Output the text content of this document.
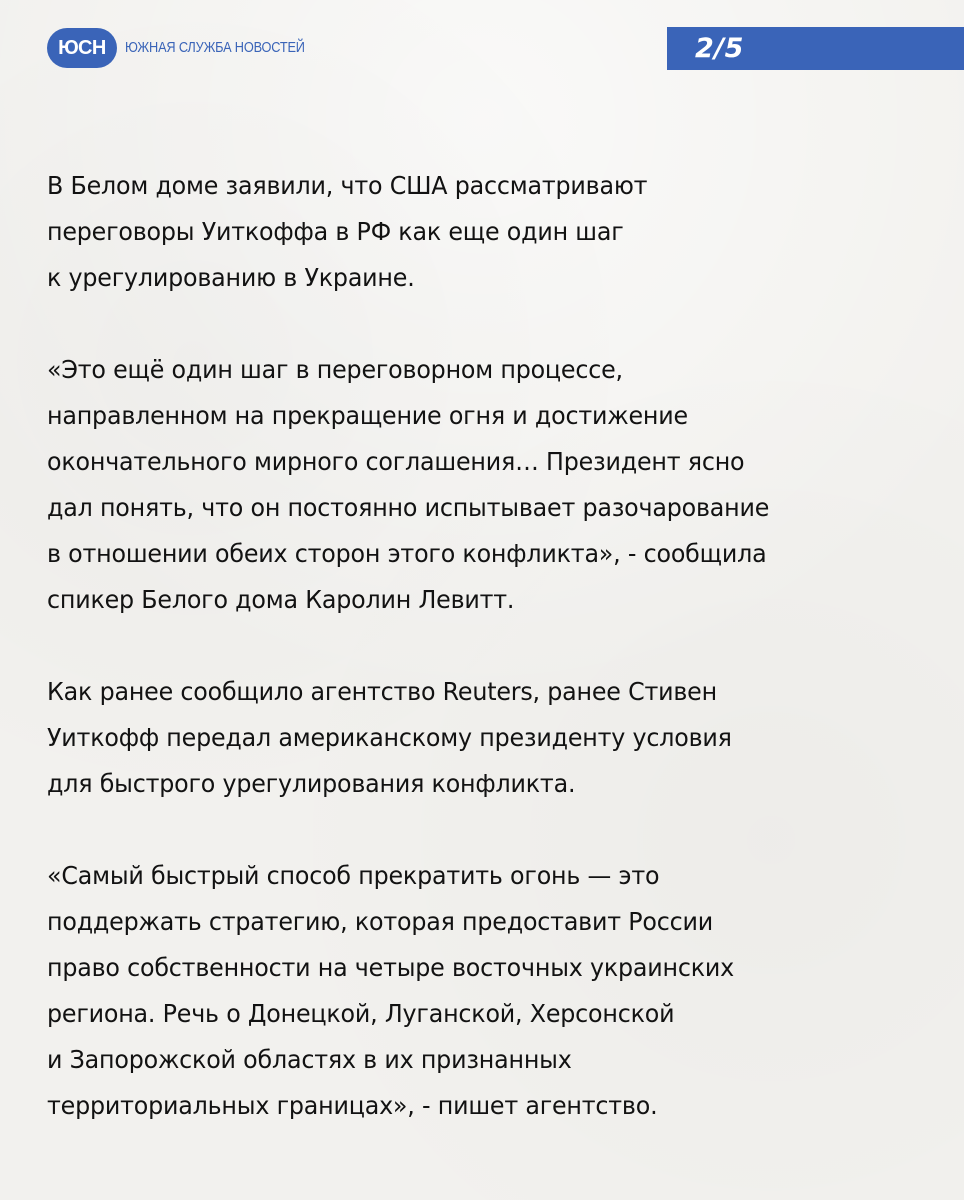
ЮСН ЮЖНАЯ СЛУЖБА НОВОСТЕЙ	2/5
В Белом доме заявили, что США рассматривают
переговоры Уиткоффа в РФ как еще один шаг
к урегулированию в Украине.
«Это ещё один шаг в переговорном процессе,
направленном на прекращение огня и достижение
окончательного мирного соглашения… Президент ясно
дал понять, что он постоянно испытывает разочарование
в отношении обеих сторон этого конфликта», - сообщила
спикер Белого дома Каролин Левитт.
Как ранее сообщило агентство Reuters, ранее Стивен
Уиткофф передал американскому президенту условия
для быстрого урегулирования конфликта.
«Самый быстрый способ прекратить огонь — это
поддержать стратегию, которая предоставит России
право собственности на четыре восточных украинских
региона. Речь о Донецкой, Луганской, Херсонской
и Запорожской областях в их признанных
территориальных границах», - пишет агентство.
